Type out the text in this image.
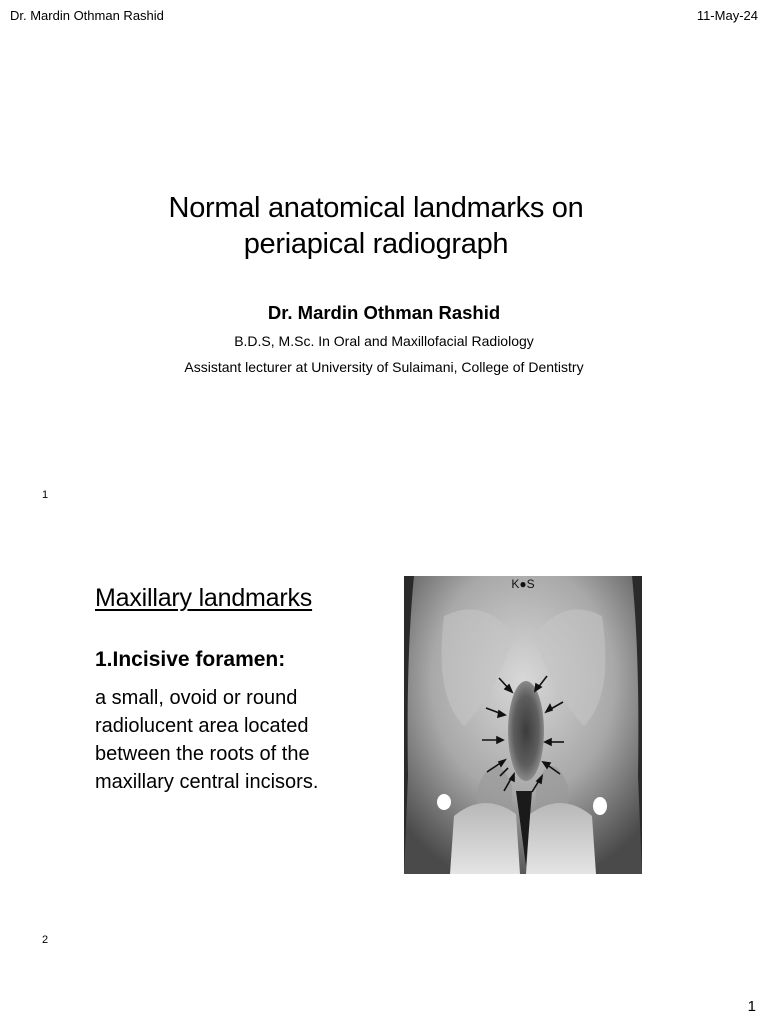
Dr. Mardin Othman Rashid	11-May-24
Normal anatomical landmarks on
periapical radiograph
Dr. Mardin Othman Rashid
B.D.S, M.Sc. In Oral and Maxillofacial Radiology
Assistant lecturer at University of Sulaimani, College of Dentistry
1
Maxillary landmarks
1.Incisive foramen:
a small, ovoid or round radiolucent area located between the roots of the maxillary central incisors.
K●S
2
1
